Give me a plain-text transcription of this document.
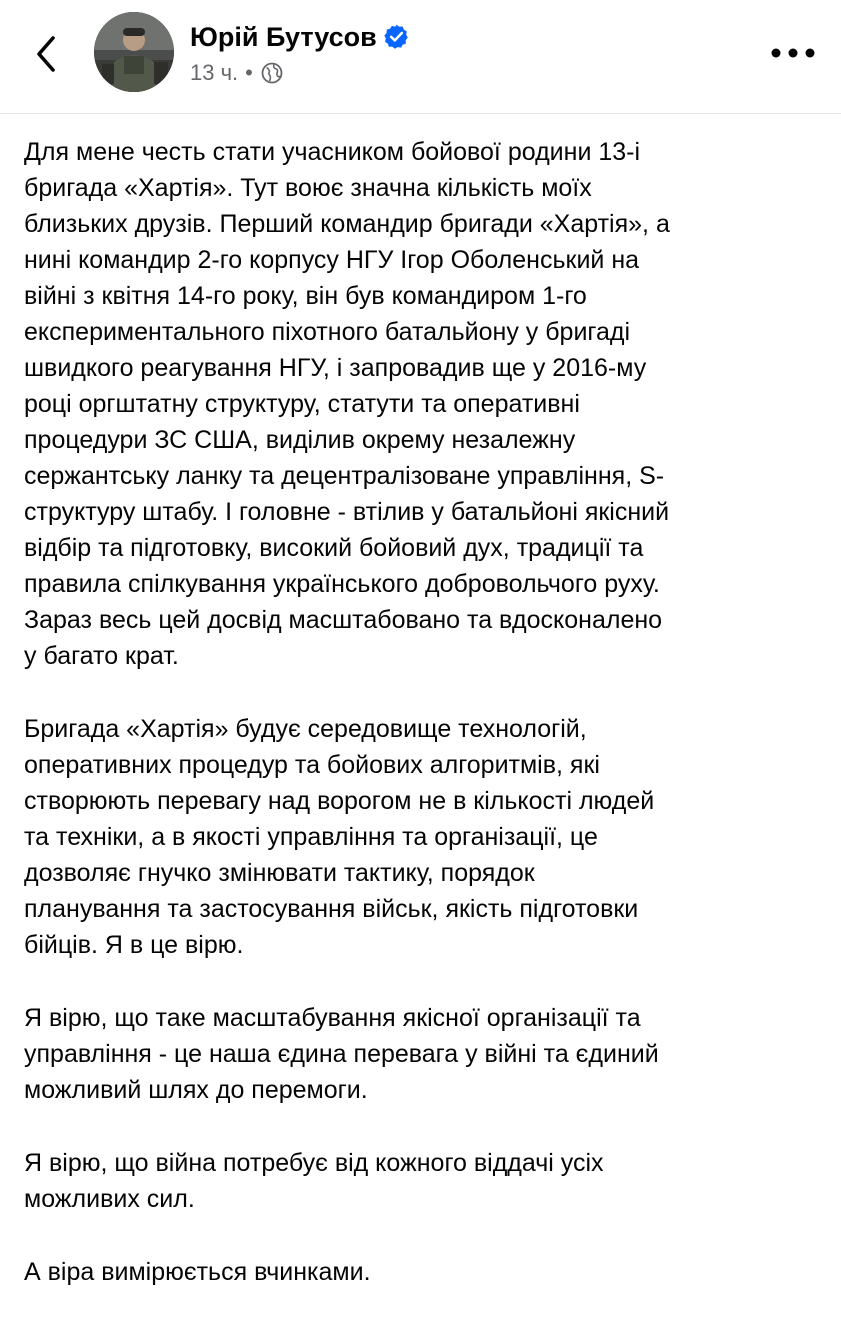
Юрій Бутусов
13 ч. •

Для мене честь стати учасником бойової родини 13-і
бригада «Хартія». Тут воює значна кількість моїх
близьких друзів. Перший командир бригади «Хартія», а
нині командир 2-го корпусу НГУ Ігор Оболенський на
війні з квітня 14-го року, він був командиром 1-го
експериментального піхотного батальйону у бригаді
швидкого реагування НГУ, і запровадив ще у 2016-му
році оргштатну структуру, статути та оперативні
процедури ЗС США, виділив окрему незалежну
сержантську ланку та децентралізоване управління, S-
структуру штабу. І головне - втілив у батальйоні якісний
відбір та підготовку, високий бойовий дух, традиції та
правила спілкування українського добровольчого руху.
Зараз весь цей досвід масштабовано та вдосконалено
у багато крат.

Бригада «Хартія» будує середовище технологій,
оперативних процедур та бойових алгоритмів, які
створюють перевагу над ворогом не в кількості людей
та техніки, а в якості управління та організації, це
дозволяє гнучко змінювати тактику, порядок
планування та застосування військ, якість підготовки
бійців. Я в це вірю.

Я вірю, що таке масштабування якісної організації та
управління - це наша єдина перевага у війні та єдиний
можливий шлях до перемоги.

Я вірю, що війна потребує від кожного віддачі усіх
можливих сил.

А віра вимірюється вчинками.
